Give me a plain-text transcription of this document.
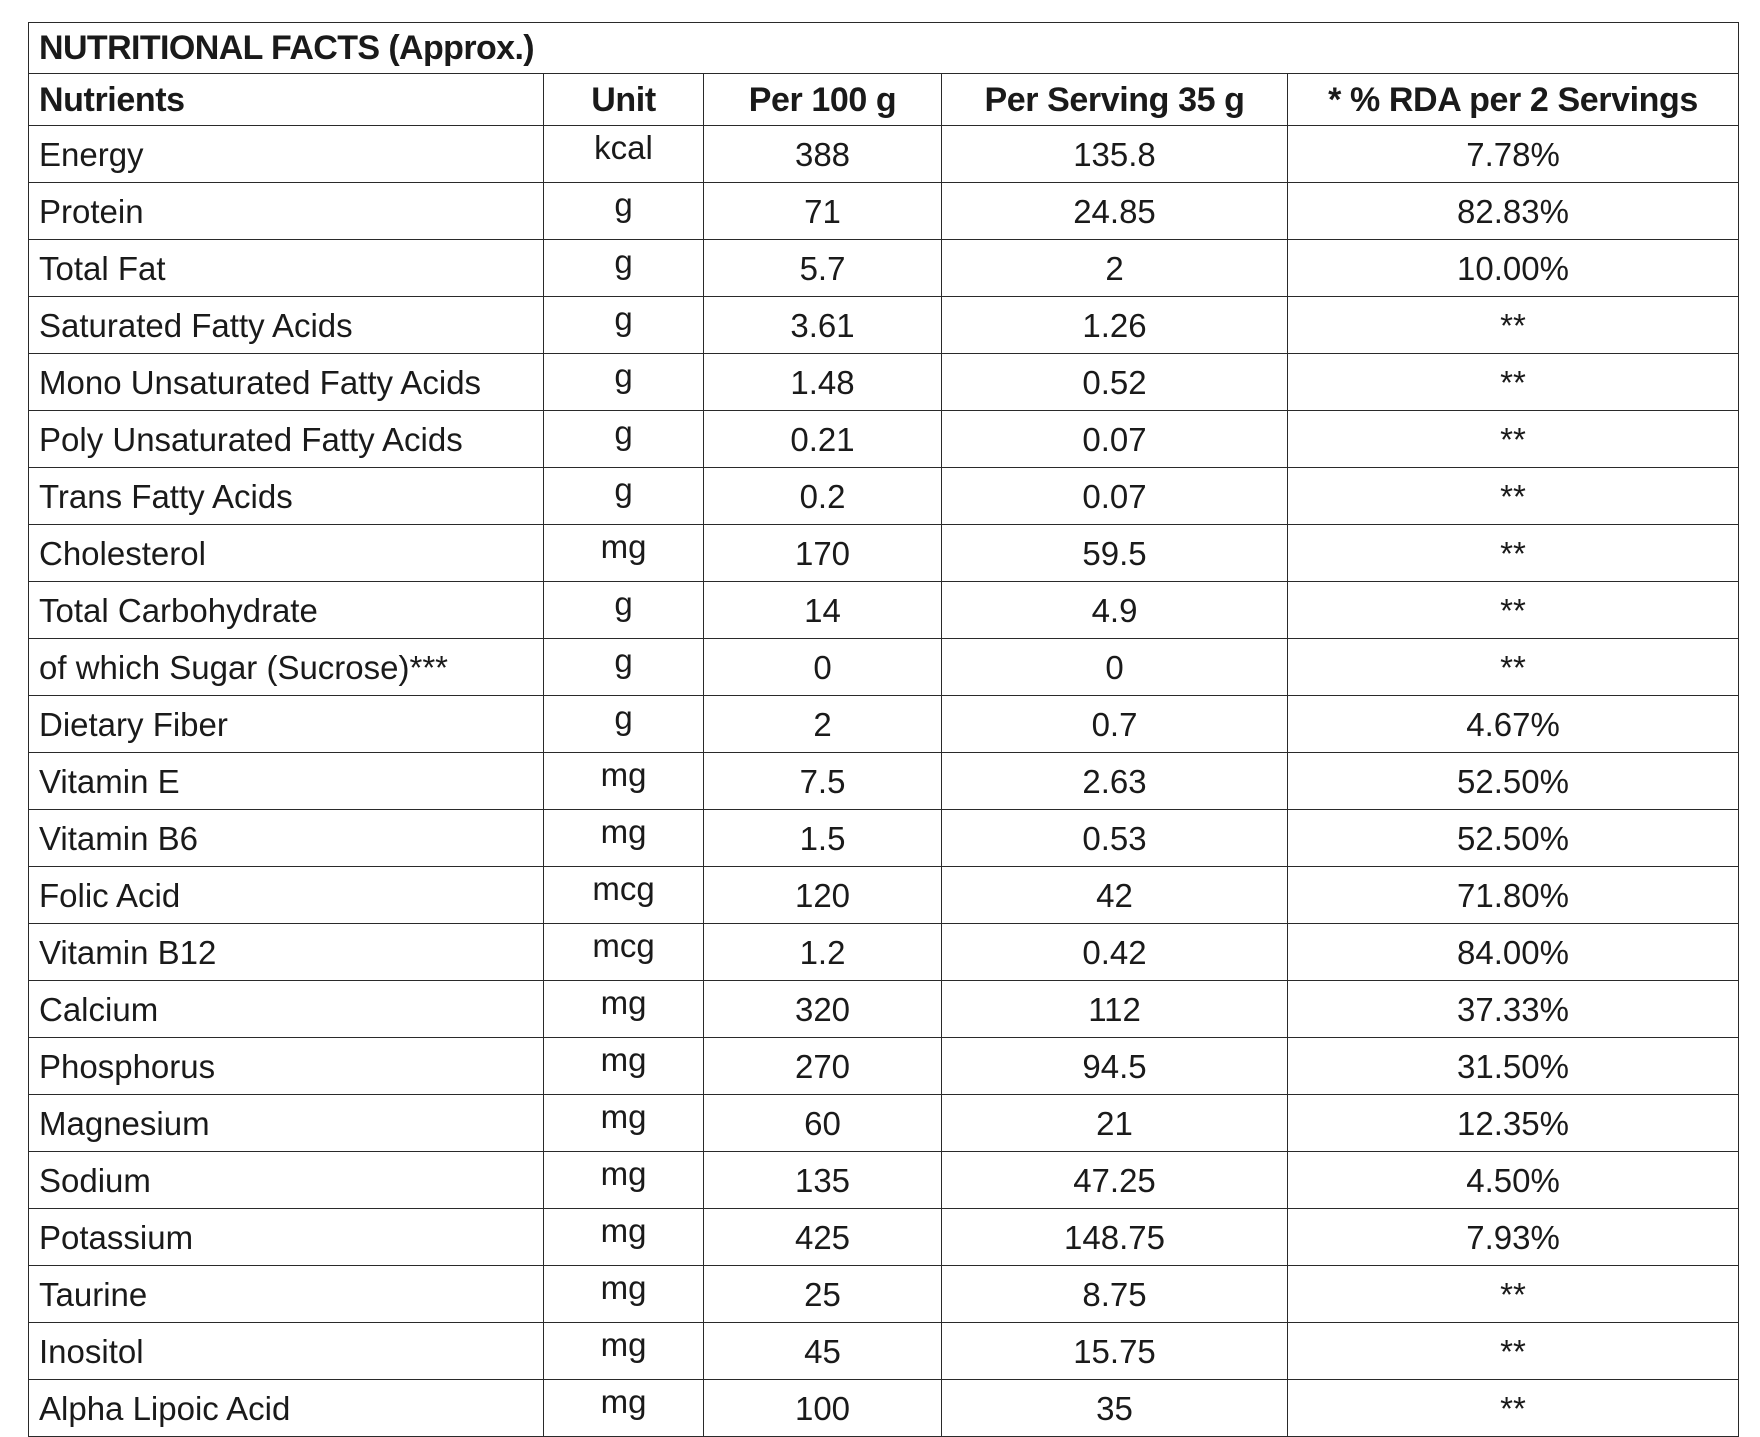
NUTRITIONAL FACTS (Approx.)				
Nutrients	Unit	Per 100 g	Per Serving 35 g	* % RDA per 2 Servings
Energy	kcal	388	135.8	7.78%
Protein	g	71	24.85	82.83%
Total Fat	g	5.7	2	10.00%
Saturated Fatty Acids	g	3.61	1.26	**
Mono Unsaturated Fatty Acids	g	1.48	0.52	**
Poly Unsaturated Fatty Acids	g	0.21	0.07	**
Trans Fatty Acids	g	0.2	0.07	**
Cholesterol	mg	170	59.5	**
Total Carbohydrate	g	14	4.9	**
of which Sugar (Sucrose)***	g	0	0	**
Dietary Fiber	g	2	0.7	4.67%
Vitamin E	mg	7.5	2.63	52.50%
Vitamin B6	mg	1.5	0.53	52.50%
Folic Acid	mcg	120	42	71.80%
Vitamin B12	mcg	1.2	0.42	84.00%
Calcium	mg	320	112	37.33%
Phosphorus	mg	270	94.5	31.50%
Magnesium	mg	60	21	12.35%
Sodium	mg	135	47.25	4.50%
Potassium	mg	425	148.75	7.93%
Taurine	mg	25	8.75	**
Inositol	mg	45	15.75	**
Alpha Lipoic Acid	mg	100	35	**
